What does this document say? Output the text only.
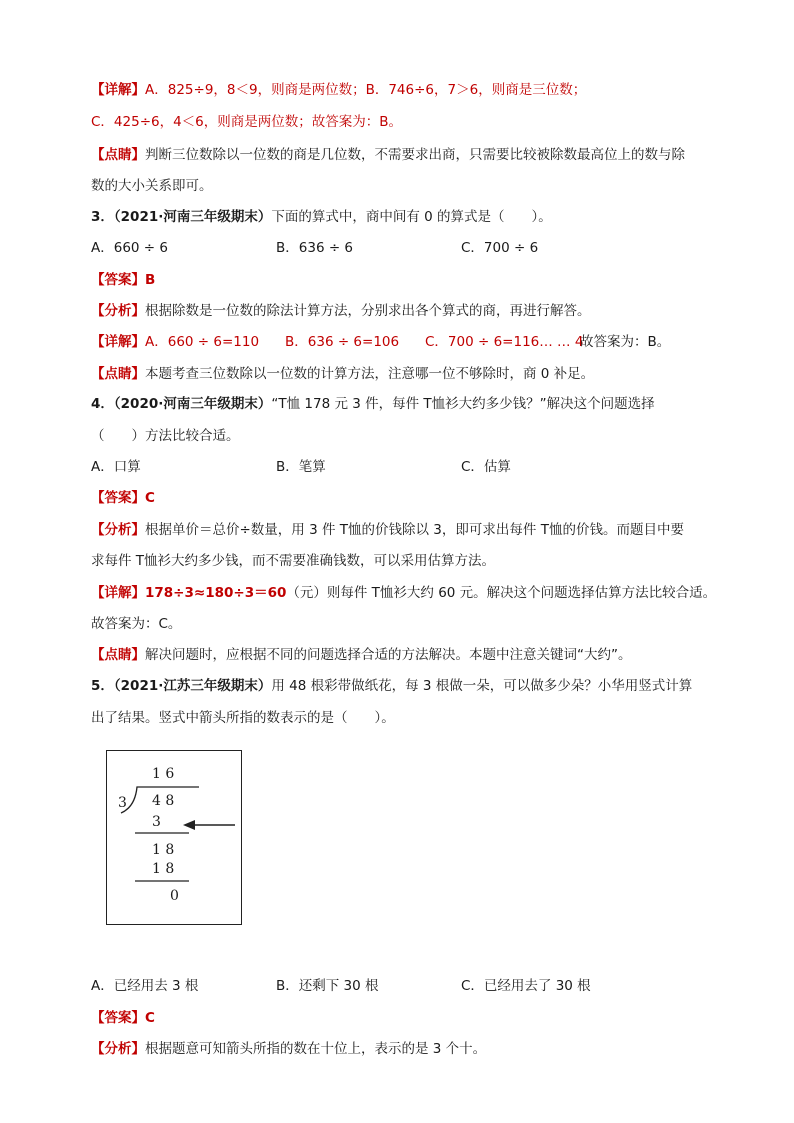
【详解】A．825÷9，8＜9，则商是两位数；B．746÷6，7＞6，则商是三位数；
C．425÷6，4＜6，则商是两位数；故答案为：B。
【点睛】判断三位数除以一位数的商是几位数，不需要求出商，只需要比较被除数最高位上的数与除
数的大小关系即可。
3．（2021·河南三年级期末）下面的算式中，商中间有 0 的算式是（　　）。
A．660 ÷ 6	B．636 ÷ 6	C．700 ÷ 6
【答案】B
【分析】根据除数是一位数的除法计算方法，分别求出各个算式的商，再进行解答。
【详解】A．660 ÷ 6=110 B．636 ÷ 6=106 C．700 ÷ 6=116… … 4
故答案为：B。
【点睛】本题考查三位数除以一位数的计算方法，注意哪一位不够除时，商 0 补足。
4．（2020·河南三年级期末）“T恤 178 元 3 件，每件 T恤衫大约多少钱？”解决这个问题选择
（　　）方法比较合适。
A．口算	B．笔算	C．估算
【答案】C
【分析】根据单价＝总价÷数量，用 3 件 T恤的价钱除以 3，即可求出每件 T恤的价钱。而题目中要
求每件 T恤衫大约多少钱，而不需要准确钱数，可以采用估算方法。
【详解】178÷3≈180÷3＝60（元）则每件 T恤衫大约 60 元。解决这个问题选择估算方法比较合适。
故答案为：C。
【点睛】解决问题时，应根据不同的问题选择合适的方法解决。本题中注意关键词“大约”。
5．（2021·江苏三年级期末）用 48 根彩带做纸花，每 3 根做一朵，可以做多少朵？小华用竖式计算
出了结果。竖式中箭头所指的数表示的是（　　）。
1 6
3 4 8
3
1 8
1 8
0
A．已经用去 3 根	B．还剩下 30 根	C．已经用去了 30 根
【答案】C
【分析】根据题意可知箭头所指的数在十位上，表示的是 3 个十。
